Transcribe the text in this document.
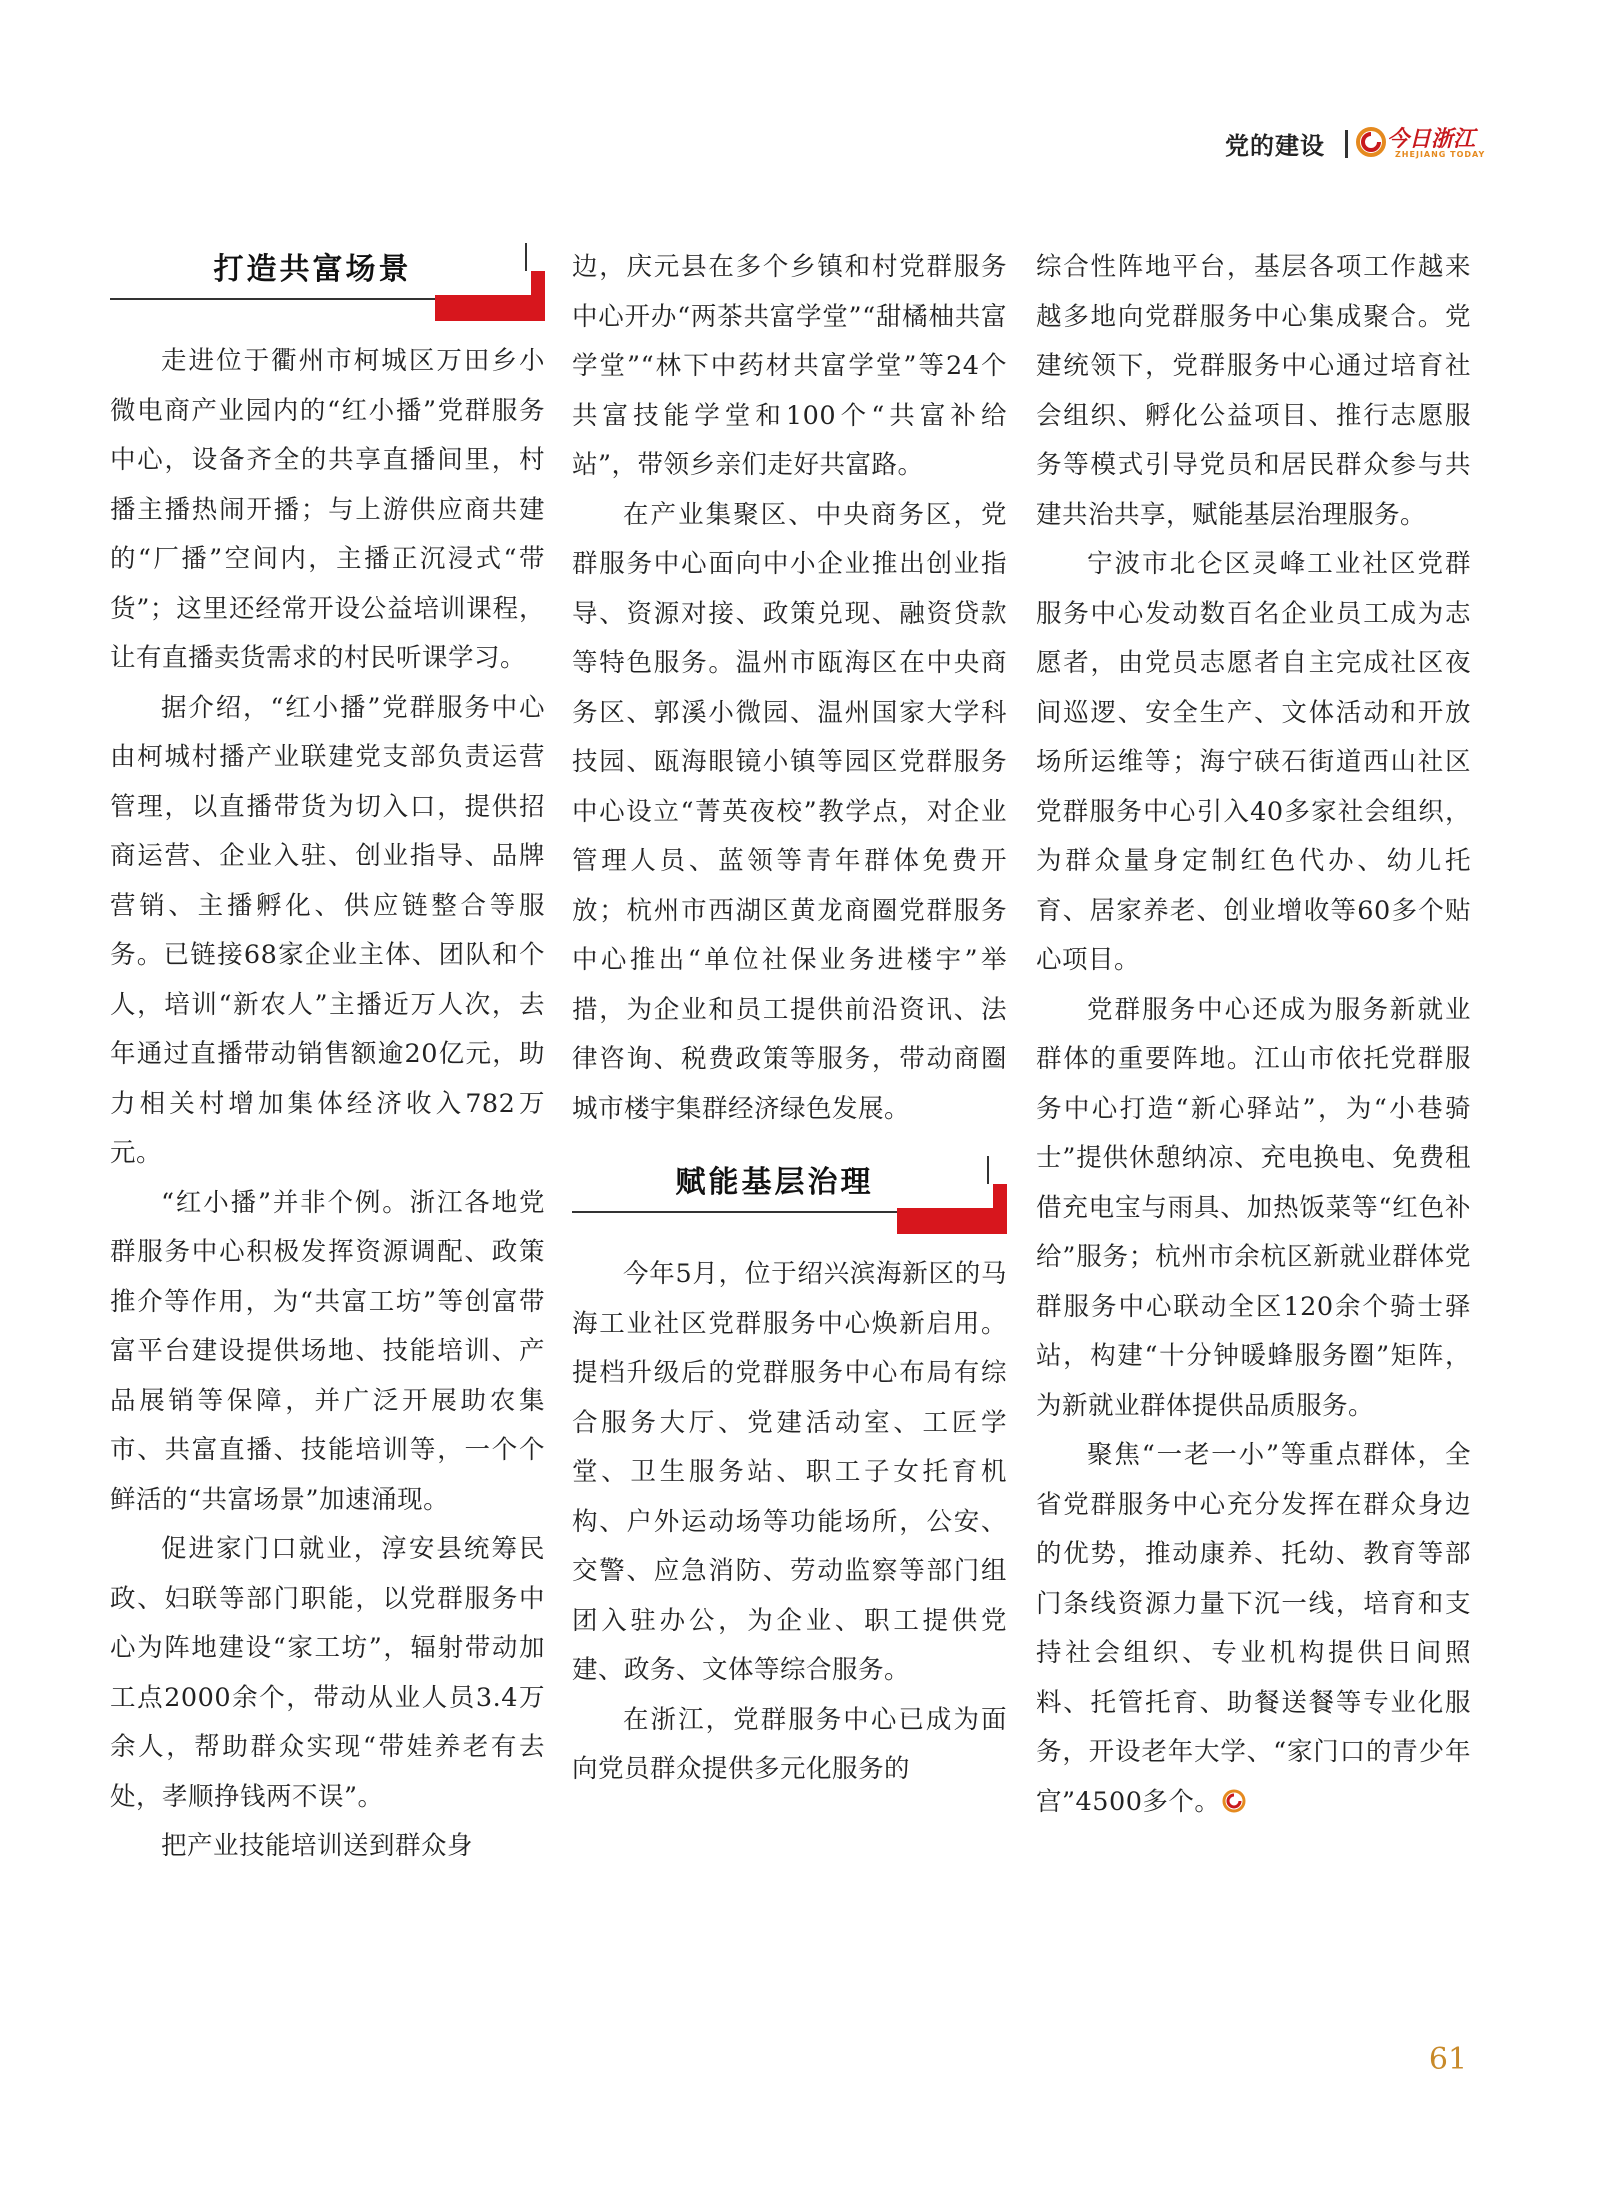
党的建设	今日浙江
ZHEJIANG TODAY
打造共富场景

走进位于衢州市柯城区万田乡小微电商产业园内的“红小播”党群服务中心，设备齐全的共享直播间里，村播主播热闹开播；与上游供应商共建的“厂播”空间内，主播正沉浸式“带货”；这里还经常开设公益培训课程，让有直播卖货需求的村民听课学习。

据介绍，“红小播”党群服务中心由柯城村播产业联建党支部负责运营管理，以直播带货为切入口，提供招商运营、企业入驻、创业指导、品牌营销、主播孵化、供应链整合等服务。已链接68家企业主体、团队和个人，培训“新农人”主播近万人次，去年通过直播带动销售额逾20亿元，助力相关村增加集体经济收入782万元。

“红小播”并非个例。浙江各地党群服务中心积极发挥资源调配、政策推介等作用，为“共富工坊”等创富带富平台建设提供场地、技能培训、产品展销等保障，并广泛开展助农集市、共富直播、技能培训等，一个个鲜活的“共富场景”加速涌现。

促进家门口就业，淳安县统筹民政、妇联等部门职能，以党群服务中心为阵地建设“家工坊”，辐射带动加工点2000余个，带动从业人员3.4万余人，帮助群众实现“带娃养老有去处，孝顺挣钱两不误”。

把产业技能培训送到群众身

边，庆元县在多个乡镇和村党群服务中心开办“两茶共富学堂”“甜橘柚共富学堂”“林下中药材共富学堂”等24个共富技能学堂和100个“共富补给站”，带领乡亲们走好共富路。

在产业集聚区、中央商务区，党群服务中心面向中小企业推出创业指导、资源对接、政策兑现、融资贷款等特色服务。温州市瓯海区在中央商务区、郭溪小微园、温州国家大学科技园、瓯海眼镜小镇等园区党群服务中心设立“菁英夜校”教学点，对企业管理人员、蓝领等青年群体免费开放；杭州市西湖区黄龙商圈党群服务中心推出“单位社保业务进楼宇”举措，为企业和员工提供前沿资讯、法律咨询、税费政策等服务，带动商圈城市楼宇集群经济绿色发展。

赋能基层治理

今年5月，位于绍兴滨海新区的马海工业社区党群服务中心焕新启用。提档升级后的党群服务中心布局有综合服务大厅、党建活动室、工匠学堂、卫生服务站、职工子女托育机构、户外运动场等功能场所，公安、交警、应急消防、劳动监察等部门组团入驻办公，为企业、职工提供党建、政务、文体等综合服务。

在浙江，党群服务中心已成为面向党员群众提供多元化服务的

综合性阵地平台，基层各项工作越来越多地向党群服务中心集成聚合。党建统领下，党群服务中心通过培育社会组织、孵化公益项目、推行志愿服务等模式引导党员和居民群众参与共建共治共享，赋能基层治理服务。

宁波市北仑区灵峰工业社区党群服务中心发动数百名企业员工成为志愿者，由党员志愿者自主完成社区夜间巡逻、安全生产、文体活动和开放场所运维等；海宁硖石街道西山社区党群服务中心引入40多家社会组织，为群众量身定制红色代办、幼儿托育、居家养老、创业增收等60多个贴心项目。

党群服务中心还成为服务新就业群体的重要阵地。江山市依托党群服务中心打造“新心驿站”，为“小巷骑士”提供休憩纳凉、充电换电、免费租借充电宝与雨具、加热饭菜等“红色补给”服务；杭州市余杭区新就业群体党群服务中心联动全区120余个骑士驿站，构建“十分钟暖蜂服务圈”矩阵，为新就业群体提供品质服务。

聚焦“一老一小”等重点群体，全省党群服务中心充分发挥在群众身边的优势，推动康养、托幼、教育等部门条线资源力量下沉一线，培育和支持社会组织、专业机构提供日间照料、托管托育、助餐送餐等专业化服务，开设老年大学、“家门口的青少年宫”4500多个。

61
